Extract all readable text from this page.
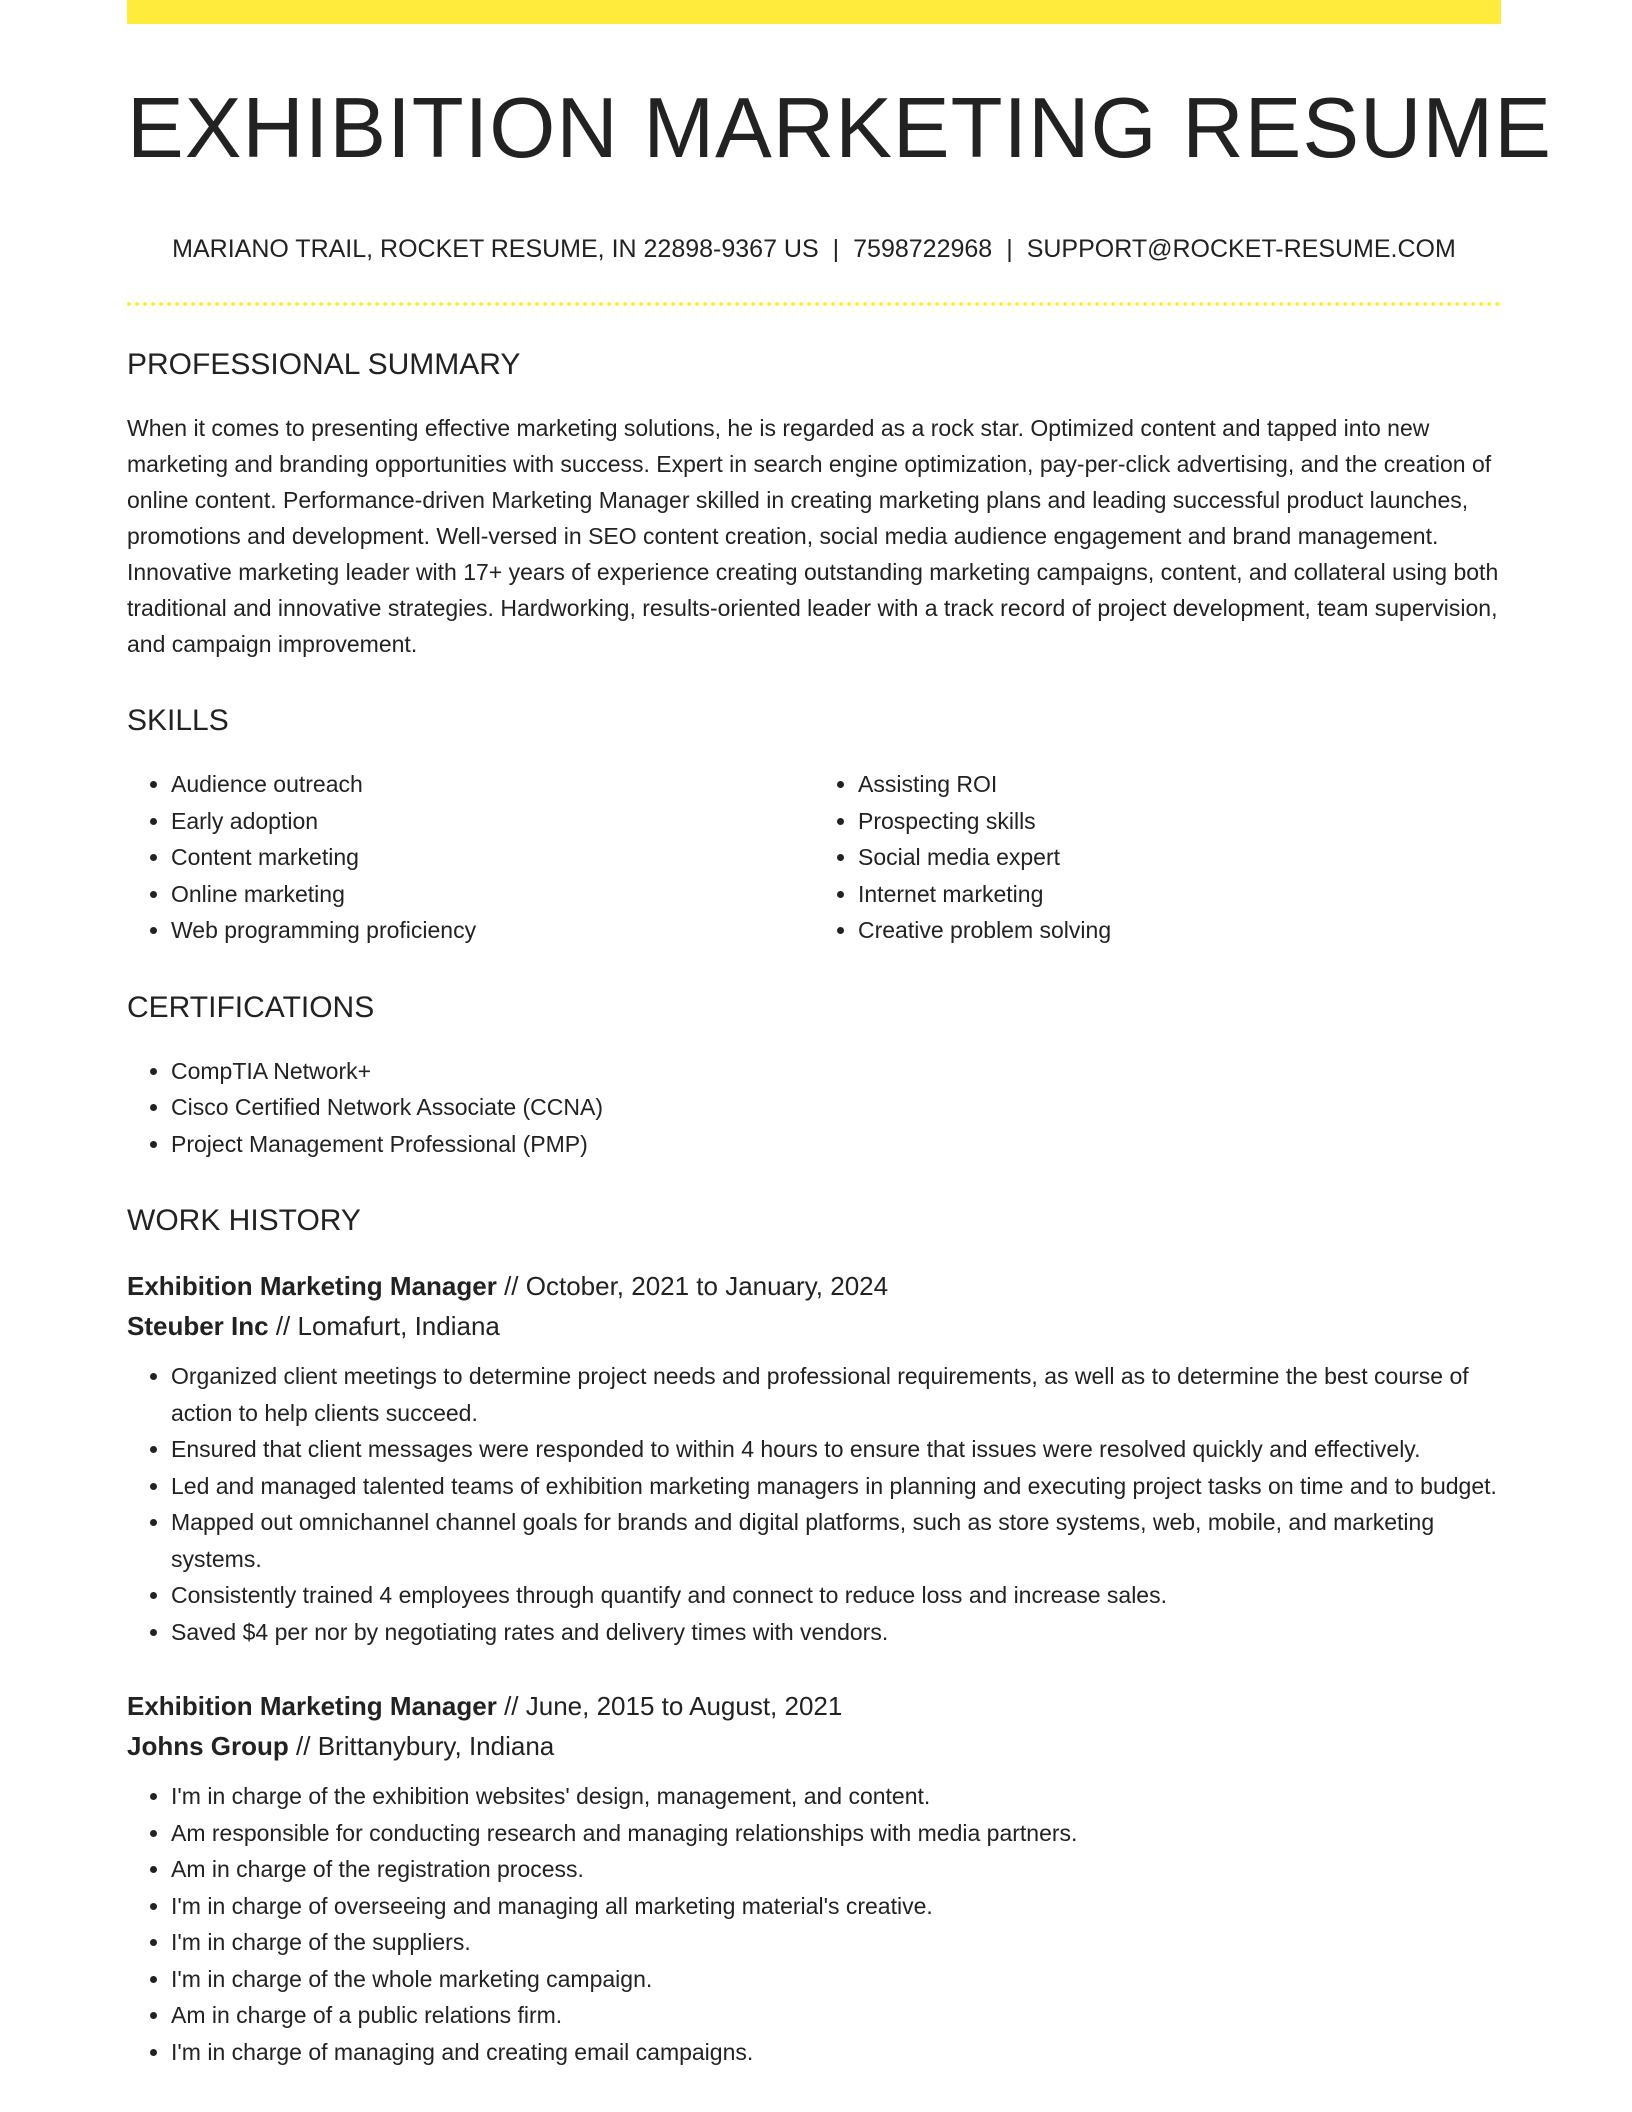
EXHIBITION MARKETING RESUME
MARIANO TRAIL, ROCKET RESUME, IN 22898-9367 US | 7598722968 | SUPPORT@ROCKET-RESUME.COM
PROFESSIONAL SUMMARY

When it comes to presenting effective marketing solutions, he is regarded as a rock star. Optimized content and tapped into new marketing and branding opportunities with success. Expert in search engine optimization, pay-per-click advertising, and the creation of online content. Performance-driven Marketing Manager skilled in creating marketing plans and leading successful product launches, promotions and development. Well-versed in SEO content creation, social media audience engagement and brand management. Innovative marketing leader with 17+ years of experience creating outstanding marketing campaigns, content, and collateral using both traditional and innovative strategies. Hardworking, results-oriented leader with a track record of project development, team supervision, and campaign improvement.

SKILLS
• Audience outreach
• Early adoption
• Content marketing
• Online marketing
• Web programming proficiency
• Assisting ROI
• Prospecting skills
• Social media expert
• Internet marketing
• Creative problem solving
CERTIFICATIONS
• CompTIA Network+
• Cisco Certified Network Associate (CCNA)
• Project Management Professional (PMP)
WORK HISTORY
Exhibition Marketing Manager // October, 2021 to January, 2024
Steuber Inc // Lomafurt, Indiana
• Organized client meetings to determine project needs and professional requirements, as well as to determine the best course of action to help clients succeed.
• Ensured that client messages were responded to within 4 hours to ensure that issues were resolved quickly and effectively.
• Led and managed talented teams of exhibition marketing managers in planning and executing project tasks on time and to budget.
• Mapped out omnichannel channel goals for brands and digital platforms, such as store systems, web, mobile, and marketing systems.
• Consistently trained 4 employees through quantify and connect to reduce loss and increase sales.
• Saved $4 per nor by negotiating rates and delivery times with vendors.
Exhibition Marketing Manager // June, 2015 to August, 2021
Johns Group // Brittanybury, Indiana
• I'm in charge of the exhibition websites' design, management, and content.
• Am responsible for conducting research and managing relationships with media partners.
• Am in charge of the registration process.
• I'm in charge of overseeing and managing all marketing material's creative.
• I'm in charge of the suppliers.
• I'm in charge of the whole marketing campaign.
• Am in charge of a public relations firm.
• I'm in charge of managing and creating email campaigns.
